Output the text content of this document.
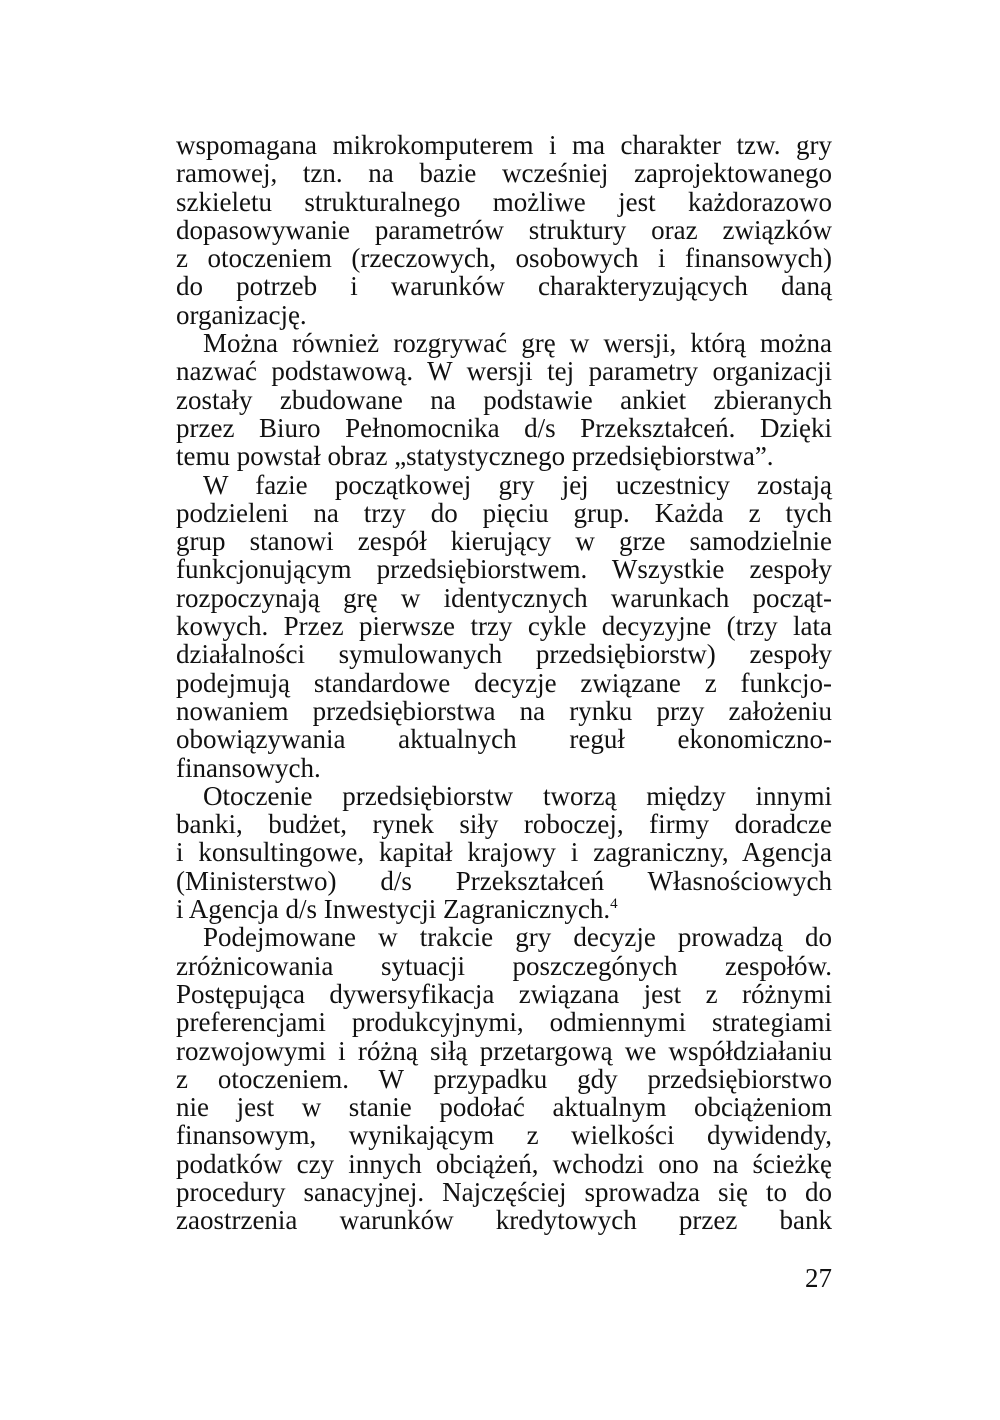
wspomagana mikrokomputerem i ma charakter tzw. gry
ramowej, tzn. na bazie wcześniej zaprojektowanego
szkieletu strukturalnego możliwe jest każdorazowo
dopasowywanie parametrów struktury oraz związków
z otoczeniem (rzeczowych, osobowych i finansowych)
do potrzeb i warunków charakteryzujących daną
organizację.
Można również rozgrywać grę w wersji, którą można
nazwać podstawową. W wersji tej parametry organizacji
zostały zbudowane na podstawie ankiet zbieranych
przez Biuro Pełnomocnika d/s Przekształceń. Dzięki
temu powstał obraz „statystycznego przedsiębiorstwa”.
W fazie początkowej gry jej uczestnicy zostają
podzieleni na trzy do pięciu grup. Każda z tych
grup stanowi zespół kierujący w grze samodzielnie
funkcjonującym przedsiębiorstwem. Wszystkie zespoły
rozpoczynają grę w identycznych warunkach począt-
kowych. Przez pierwsze trzy cykle decyzyjne (trzy lata
działalności symulowanych przedsiębiorstw) zespoły
podejmują standardowe decyzje związane z funkcjo-
nowaniem przedsiębiorstwa na rynku przy założeniu
obowiązywania aktualnych reguł ekonomiczno-
finansowych.
Otoczenie przedsiębiorstw tworzą między innymi
banki, budżet, rynek siły roboczej, firmy doradcze
i konsultingowe, kapitał krajowy i zagraniczny, Agencja
(Ministerstwo) d/s Przekształceń Własnościowych
i Agencja d/s Inwestycji Zagranicznych.$^4$
Podejmowane w trakcie gry decyzje prowadzą do
zróżnicowania sytuacji poszczegónych zespołów.
Postępująca dywersyfikacja związana jest z różnymi
preferencjami produkcyjnymi, odmiennymi strategiami
rozwojowymi i różną siłą przetargową we współdziałaniu
z otoczeniem. W przypadku gdy przedsiębiorstwo
nie jest w stanie podołać aktualnym obciążeniom
finansowym, wynikającym z wielkości dywidendy,
podatków czy innych obciążeń, wchodzi ono na ścieżkę
procedury sanacyjnej. Najczęściej sprowadza się to do
zaostrzenia warunków kredytowych przez bank
27
